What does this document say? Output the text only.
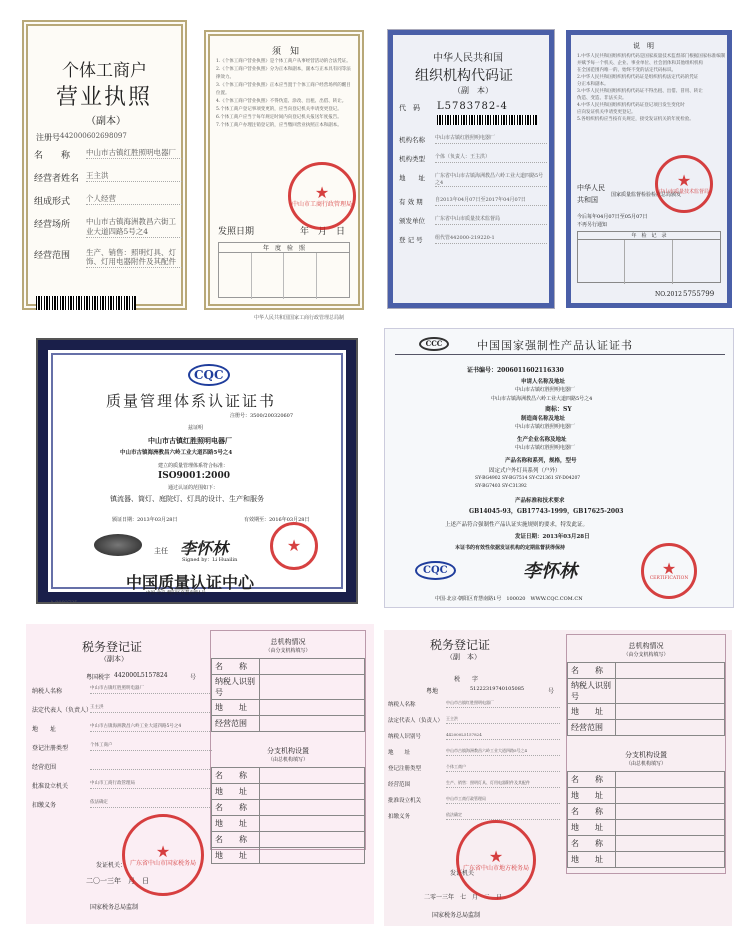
个体工商户
营业执照
（副本）
注册号 442000602698097
名　　称	中山市古镇红胜照明电器厂
经营者姓名 王主洪
组成形式	个人经营
经营场所	中山市古镇海洲教昌六街工业大道四路5号之4
经营范围	生产、销售：照明灯具、灯饰、灯用电器附件及其配件
须　知
1.《个体工商户营业执照》是个体工商户从事经营活动的合法凭证。
2.《个体工商户营业执照》分为正本和副本，副本与正本具有同等法律效力。
3.《个体工商户营业执照》正本应当置于个体工商户经营场所的醒目位置。
4.《个体工商户营业执照》不得伪造、涂改、出租、出借、转让。
5.个体工商户登记事项变更的，应当向登记机关申请变更登记。
6.个体工商户应当于每年规定时间内向登记机关报送年度报告。
7.个体工商户办理注销登记的，应当缴回营业执照正本和副本。
发照日期	年　月　日
年　度　验　照
★
中山市工商行政管理局
中华人民共和国国家工商行政管理总局制
中华人民共和国
组织机构代码证
（副　本）
代　码 L5783782-4
机构名称	中山市古镇红胜照明电器厂
机构类型	个体（负责人：王主洪）
地　　址	广东省中山市古镇海洲教昌六岭工业大道四路5号之4
有 效 期	自2013年04月07日至2017年04月07日
颁发单位	广东省中山市质量技术监督局
登 记 号	组代管442000-219220-1
说　明
1.中华人民共和国组织机构代码是国家质量技术监督部门根据国家标准编制
并赋予每一个机关、企业、事业单位、社会团体和其他组织机构
在全国范围内唯一的、始终不变的法定代码标识。
2.中华人民共和国组织机构代码证是组织机构法定代码的凭证
分正本和副本。
3.中华人民共和国组织机构代码证不得出租、出借、冒用、转让
伪造、变造、非法买卖。
4.中华人民共和国组织机构代码证登记项目发生变化时
应向发证机关申请变更登记。
5.各组织机构应当按有关规定，接受发证机关的年度检验。
中华人民
共和国
国家质量监督检验检疫总局颁发
今后每年04月07日至05月07日
不再另行通知
年　检　记　录
★
中山市质量技术监督局
NO.2012 5755799
CQC
质量管理体系认证证书
注册号：3500/200320607
兹证明
中山市古镇红胜照明电器厂
中山市古镇海洲教昌六岭工业大道四路5号之4
建立的质量管理体系符合标准：
ISO9001:2000
通过认证的范围如下：
镇流器、筒灯、庭院灯、灯具的设计、生产和服务
颁证日期：2013年03月28日	有效期至：2016年03月28日
主任 李怀林
Signed by：Li Huailin
★
中国质量认证中心
中国·北京·朝阳区育慧南路1号
A 0092735
CCC	中国国家强制性产品认证证书
证书编号：2006011602116330
申请人名称及地址
中山市古镇红胜照明电器厂
中山市古镇海洲教昌六岭工业大道四路5号之4
商标：SY
制造商名称及地址
中山市古镇红胜照明电器厂
生产企业名称及地址
中山市古镇红胜照明电器厂
产品名称和系列，规格，型号
固定式户外灯具系列（户外）
SY-BG4902 SY-BG7514 SY-C21361 SY-D04207
SY-BG7403 SY-C31392
产品标准和技术要求
GB14045-93，GB17743-1999，GB17625-2003
上述产品符合强制性产品认证实施规则的要求，特发此证。
发证日期：2013年03月28日
本证书的有效性依据发证机构的定期监督获得保持
CQC	李怀林	★
CERTIFICATION
中国·北京·朝阳区育慧南路1号　100020　WWW.CQC.COM.CN
税务登记证
（副本）
粤国税字 442000L5157824	号
纳税人名称	中山市古镇红胜照明电器厂
法定代表人（负责人）
王主洪
地　　址	中山市古镇海洲教昌六岭工业大道四路5号之4
登记注册类型	个体工商户
经营范围
批准设立机关	中山市工商行政管理局
扣缴义务	依法确定
发证机关：
二〇一三年　月　日
国家税务总局监制
★
广东省中山市国家税务局
总机构情况
（由分支机构填写）
名　　称	
纳税人识别号	
地　　址	
经营范围	
分支机构设置
（由总机构填写）
名　　称	
地　　址	
名　　称	
地　　址	
名　　称	
地　　址	
税务登记证
（副　本）
税　　字
粤地	51222319740105085	号
纳税人名称	中山市古镇红胜照明电器厂
法定代表人（负责人） 王主洪
纳税人识别号	442000L5157824
地　　址	中山市古镇海洲教昌六岭工业大道四路5号之4
登记注册类型	个体工商户
经营范围	生产、销售：照明灯具、灯用电器附件及其配件
批准设立机关	中山市工商行政管理局
扣缴义务	依法确定
发证机关
二零一三年　七　月　二　日
国家税务总局监制
★
广东省中山市地方税务局
总机构情况
（由分支机构填写）
名　　称	
纳税人识别号	
地　　址	
经营范围	
分支机构设置
（由总机构填写）
名　　称	
地　　址	
名　　称	
地　　址	
名　　称	
地　　址	
